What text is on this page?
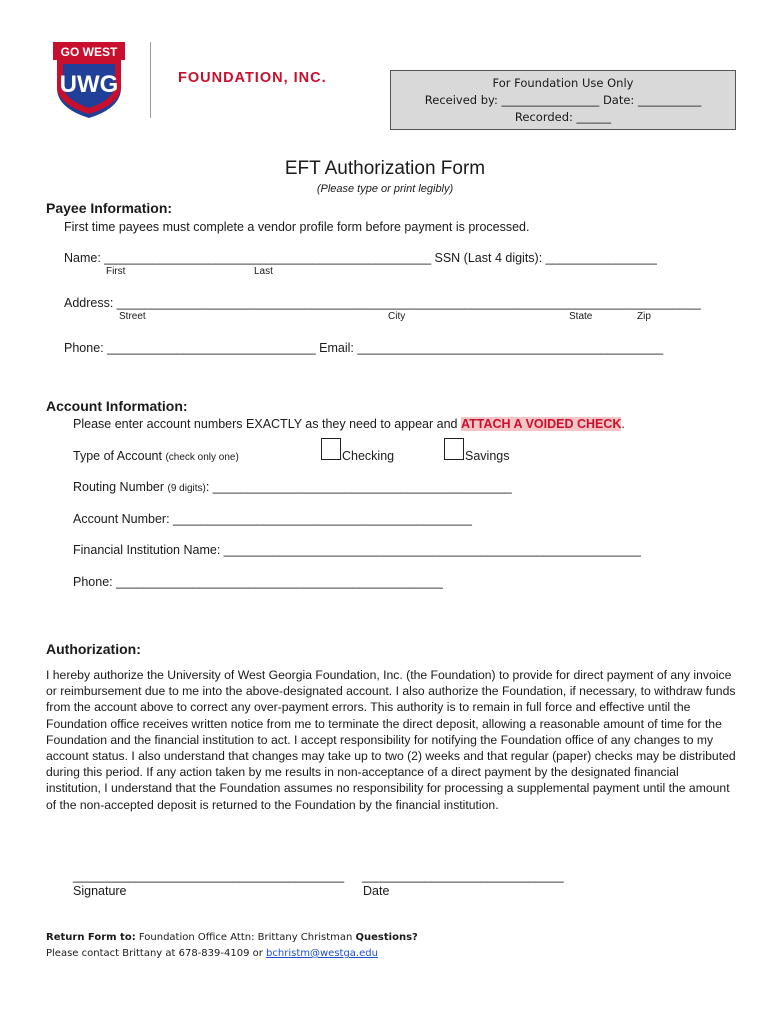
GO WEST
UWG	FOUNDATION, INC.	For Foundation Use Only
Received by: _________________ Date: ___________
Recorded: ______
EFT Authorization Form
(Please type or print legibly)
Payee Information:
First time payees must complete a vendor profile form before payment is processed.
Name: _______________________________________________ SSN (Last 4 digits): ________________
First	Last
Address: ____________________________________________________________________________________
Street	City	State	Zip
Phone: ______________________________ Email: ____________________________________________
Account Information:
Please enter account numbers EXACTLY as they need to appear and ATTACH A VOIDED CHECK.
Type of Account (check only one)	Checking	Savings
Routing Number (9 digits): ___________________________________________
Account Number: ___________________________________________
Financial Institution Name: ____________________________________________________________
Phone: _______________________________________________
Authorization:
I hereby authorize the University of West Georgia Foundation, Inc. (the Foundation) to provide for direct payment of any invoice or reimbursement due to me into the above-designated account. I also authorize the Foundation, if necessary, to withdraw funds from the account above to correct any over-payment errors. This authority is to remain in full force and effective until the Foundation office receives written notice from me to terminate the direct deposit, allowing a reasonable amount of time for the Foundation and the financial institution to act. I accept responsibility for notifying the Foundation office of any changes to my account status. I also understand that changes may take up to two (2) weeks and that regular (paper) checks may be distributed during this period. If any action taken by me results in non-acceptance of a direct payment by the designated financial institution, I understand that the Foundation assumes no responsibility for processing a supplemental payment until the amount of the non-accepted deposit is returned to the Foundation by the financial institution.
_______________________________________ _____________________________
Signature	Date
Return Form to: Foundation Office Attn: Brittany Christman Questions?
Please contact Brittany at 678-839-4109 or bchristm@westga.edu
